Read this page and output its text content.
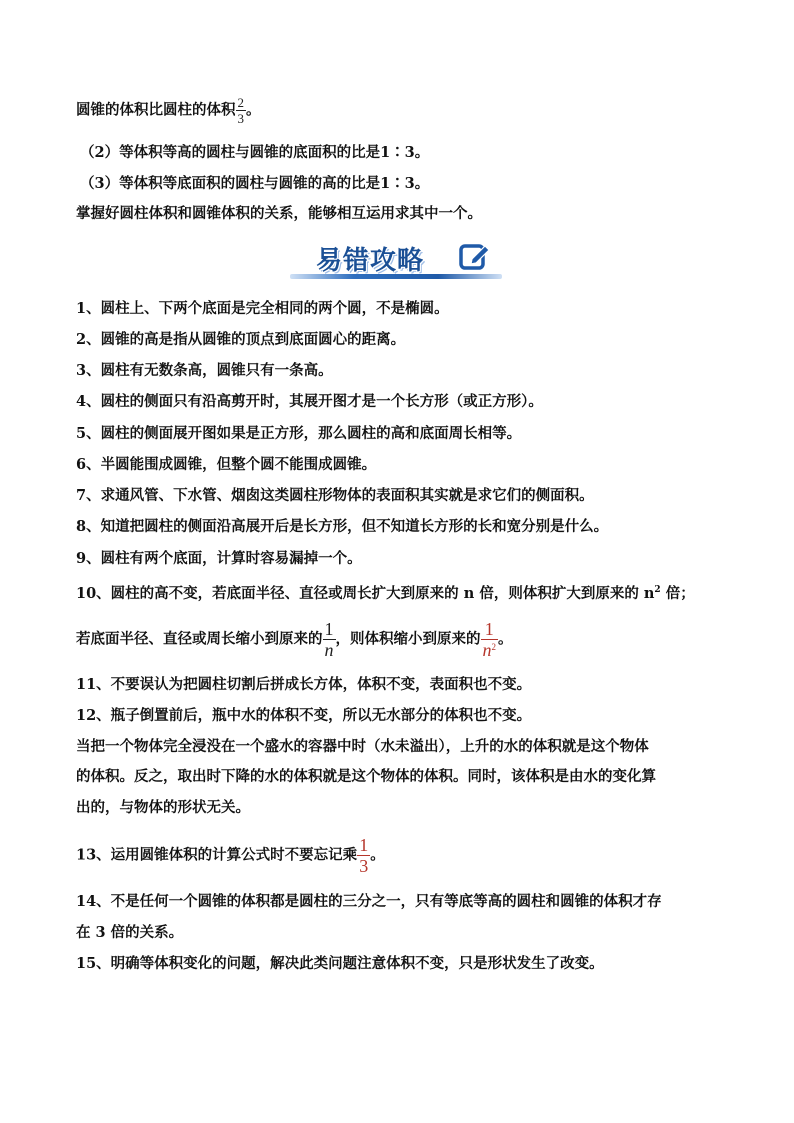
圆锥的体积比圆柱的体积 $\frac{2}{3}$ 。
（2）等体积等高的圆柱与圆锥的底面积的比是1∶3。
（3）等体积等底面积的圆柱与圆锥的高的比是1∶3。
掌握好圆柱体积和圆锥体积的关系，能够相互运用求其中一个。
易错攻略
1、圆柱上、下两个底面是完全相同的两个圆，不是椭圆。
2、圆锥的高是指从圆锥的顶点到底面圆心的距离。
3、圆柱有无数条高，圆锥只有一条高。
4、圆柱的侧面只有沿高剪开时，其展开图才是一个长方形（或正方形）。
5、圆柱的侧面展开图如果是正方形，那么圆柱的高和底面周长相等。
6、半圆能围成圆锥，但整个圆不能围成圆锥。
7、求通风管、下水管、烟囱这类圆柱形物体的表面积其实就是求它们的侧面积。
8、知道把圆柱的侧面沿高展开后是长方形，但不知道长方形的长和宽分别是什么。
9、圆柱有两个底面，计算时容易漏掉一个。
10、圆柱的高不变，若底面半径、直径或周长扩大到原来的 n 倍，则体积扩大到原来的 $n^2$ 倍；
若底面半径、直径或周长缩小到原来的 $\frac{1}{n}$ ，则体积缩小到原来的 $\frac{1}{n^2}$ 。
11、不要误认为把圆柱切割后拼成长方体，体积不变，表面积也不变。
12、瓶子倒置前后，瓶中水的体积不变，所以无水部分的体积也不变。
当把一个物体完全浸没在一个盛水的容器中时（水未溢出），上升的水的体积就是这个物体
的体积。反之，取出时下降的水的体积就是这个物体的体积。同时，该体积是由水的变化算
出的，与物体的形状无关。
13、运用圆锥体积的计算公式时不要忘记乘 $\frac{1}{3}$ 。
14、不是任何一个圆锥的体积都是圆柱的三分之一，只有等底等高的圆柱和圆锥的体积才存
在 3 倍的关系。
15、明确等体积变化的问题，解决此类问题注意体积不变，只是形状发生了改变。
